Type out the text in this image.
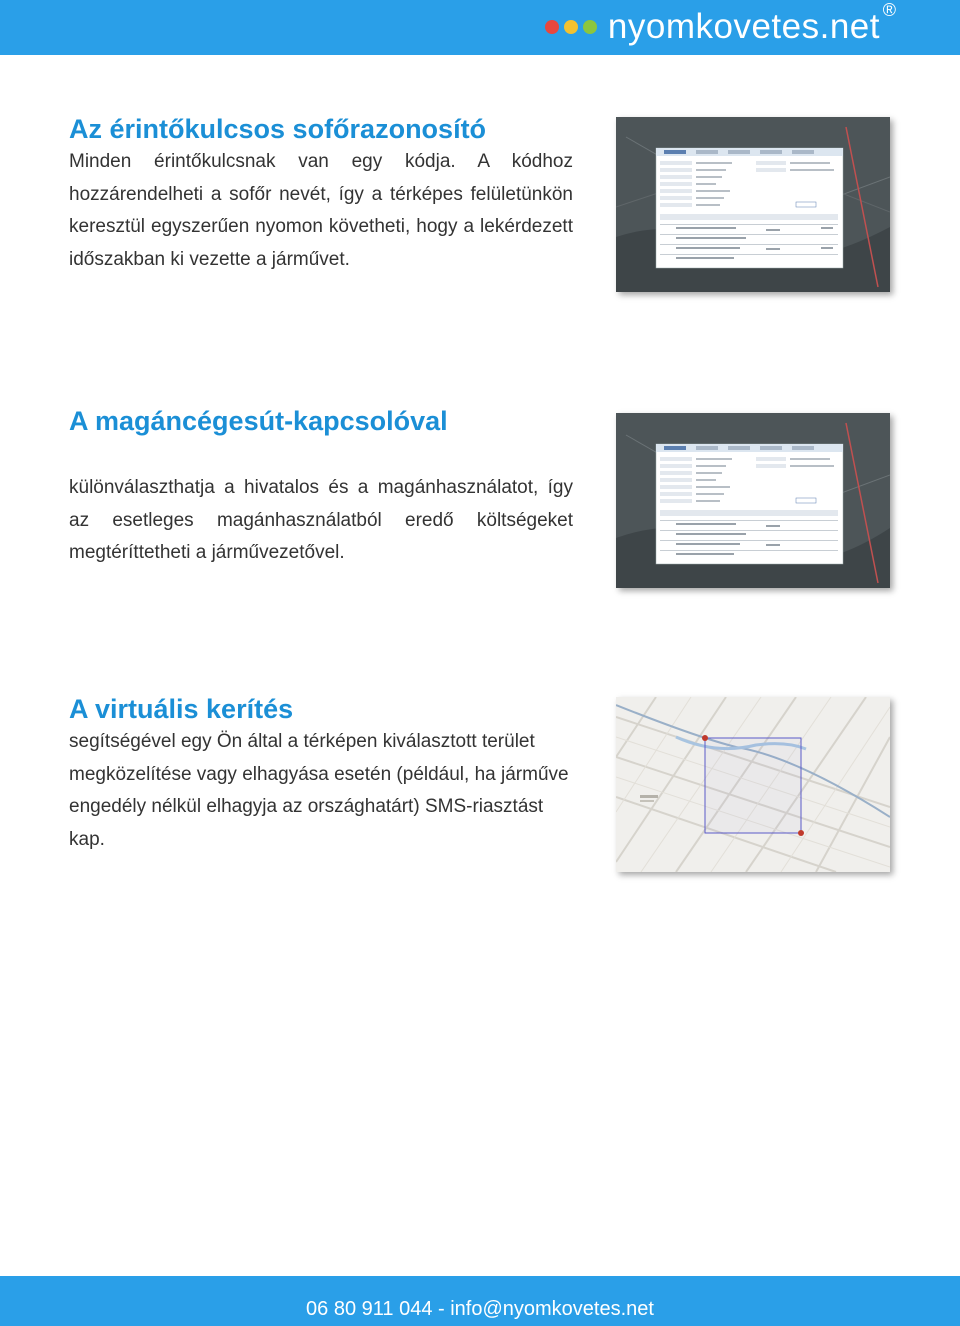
nyomkovetes.net ®
Az érintőkulcsos sofőrazonosító

Minden érintőkulcsnak van egy kódja. A kódhoz hozzárendelheti a sofőr nevét, így a térképes felületünkön keresztül egyszerűen nyomon követheti, hogy a lekérdezett időszakban ki vezette a járművet.

A magáncégesút-kapcsolóval

különválaszthatja a hivatalos és a magánhasználatot, így az esetleges magánhasználatból eredő költségeket megtéríttetheti a járművezetővel.

A virtuális kerítés

segítségével egy Ön által a térképen kiválasztott terület megközelítése vagy elhagyása esetén (például, ha járműve engedély nélkül elhagyja az országhatárt) SMS-riasztást kap.

06 80 911 044 - info@nyomkovetes.net
